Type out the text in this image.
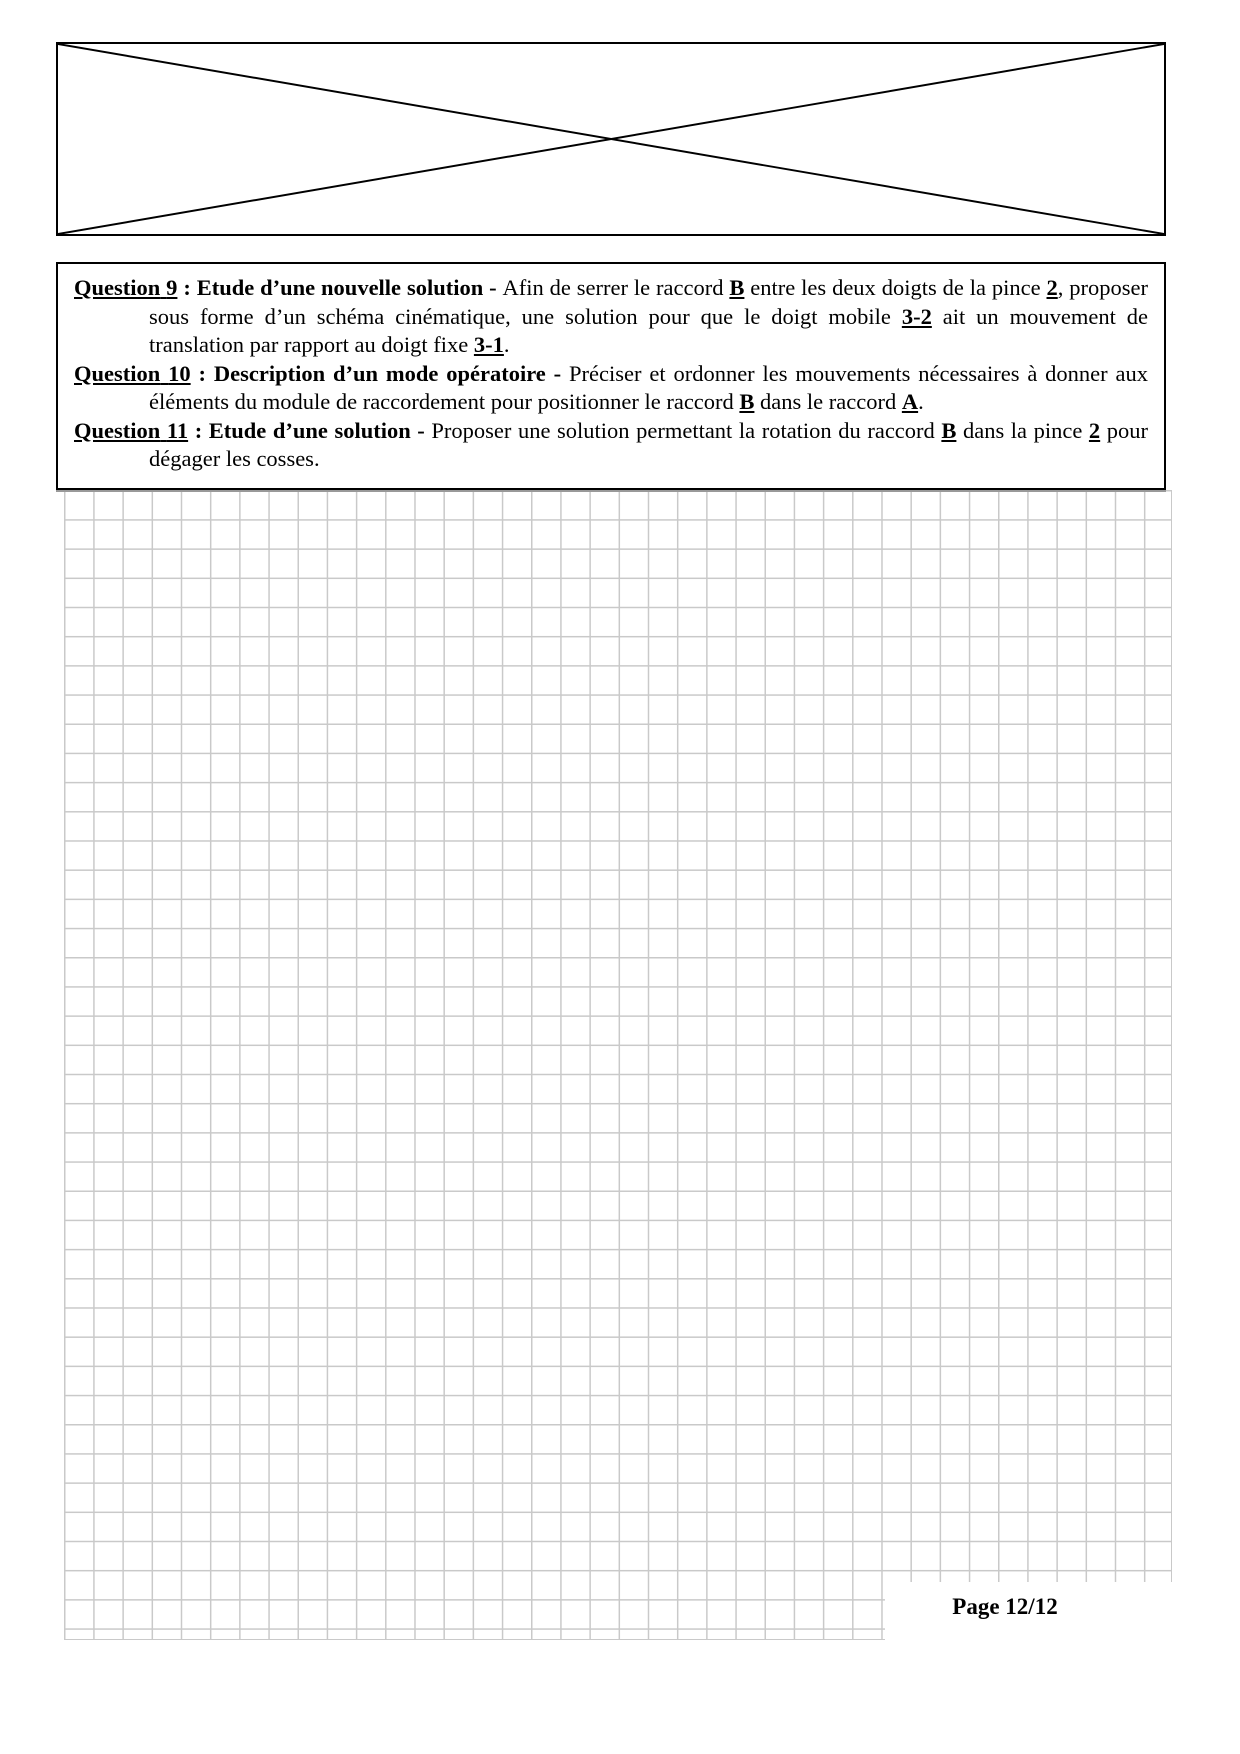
Page 12/12
Question 9 : Etude d’une nouvelle solution - Afin de serrer le raccord B entre les deux doigts de la pince 2, proposer sous forme d’un schéma cinématique, une solution pour que le doigt mobile 3-2 ait un mouvement de translation par rapport au doigt fixe 3-1.
Question 10 : Description d’un mode opératoire - Préciser et ordonner les mouvements nécessaires à donner aux éléments du module de raccordement pour positionner le raccord B dans le raccord A.
Question 11 : Etude d’une solution - Proposer une solution permettant la rotation du raccord B dans la pince 2 pour dégager les cosses.
